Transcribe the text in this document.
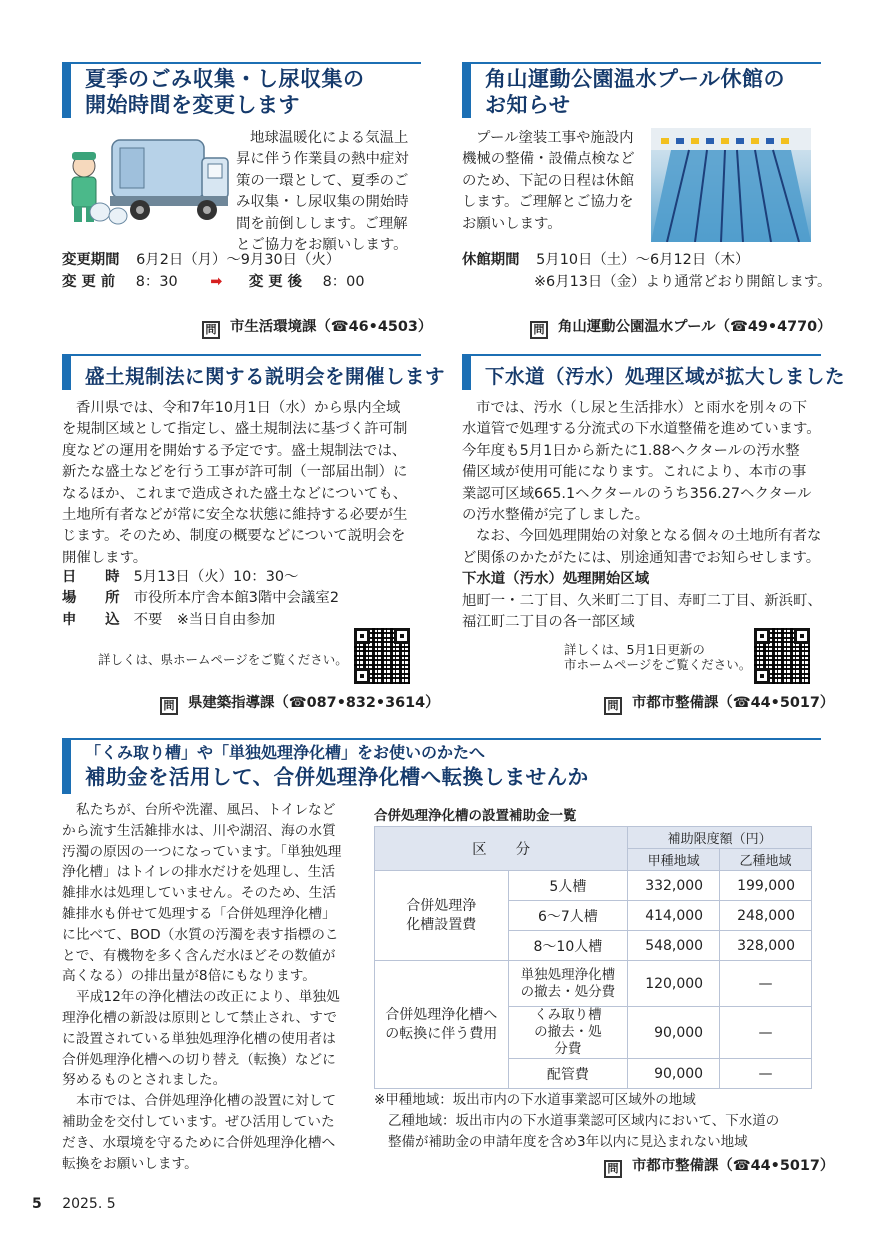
夏季のごみ収集・し尿収集の
開始時間を変更します
地球温暖化による気温上
昇に伴う作業員の熱中症対
策の一環として、夏季のご
み収集・し尿収集の開始時
間を前倒しします。ご理解
とご協力をお願いします。
変更期間 6月2日（月）～9月30日（火）
変 更 前 8：30 ➡ 変 更 後 8：00
問 市生活環境課（☎46•4503）
角山運動公園温水プール休館の
お知らせ
プール塗装工事や施設内
機械の整備・設備点検など
のため、下記の日程は休館
します。ご理解とご協力を
お願いします。
休館期間 5月10日（土）～6月12日（木）
※6月13日（金）より通常どおり開館します。
問 角山運動公園温水プール（☎49•4770）
盛土規制法に関する説明会を開催します
香川県では、令和7年10月1日（水）から県内全域
を規制区域として指定し、盛土規制法に基づく許可制
度などの運用を開始する予定です。盛土規制法では、
新たな盛土などを行う工事が許可制（一部届出制）に
なるほか、これまで造成された盛土などについても、
土地所有者などが常に安全な状態に維持する必要が生
じます。そのため、制度の概要などについて説明会を
開催します。
日　　時 5月13日（火）10：30～
場　　所 市役所本庁舎本館3階中会議室2
申　　込 不要　※当日自由参加
詳しくは、県ホームページをご覧ください。
問 県建築指導課（☎087•832•3614）
下水道（汚水）処理区域が拡大しました
市では、汚水（し尿と生活排水）と雨水を別々の下
水道管で処理する分流式の下水道整備を進めています。
今年度も5月1日から新たに1.88ヘクタールの汚水整
備区域が使用可能になります。これにより、本市の事
業認可区域665.1ヘクタールのうち356.27ヘクタール
の汚水整備が完了しました。
なお、今回処理開始の対象となる個々の土地所有者な
ど関係のかたがたには、別途通知書でお知らせします。
下水道（汚水）処理開始区域
旭町一・二丁目、久米町二丁目、寿町二丁目、新浜町、
福江町二丁目の各一部区域
詳しくは、5月1日更新の
市ホームページをご覧ください。
問 市都市整備課（☎44•5017）
「くみ取り槽」や「単独処理浄化槽」をお使いのかたへ
補助金を活用して、合併処理浄化槽へ転換しませんか
私たちが、台所や洗濯、風呂、トイレなど
から流す生活雑排水は、川や湖沼、海の水質
汚濁の原因の一つになっています。「単独処理
浄化槽」はトイレの排水だけを処理し、生活
雑排水は処理していません。そのため、生活
雑排水も併せて処理する「合併処理浄化槽」
に比べて、BOD（水質の汚濁を表す指標のこ
とで、有機物を多く含んだ水ほどその数値が
高くなる）の排出量が8倍にもなります。
平成12年の浄化槽法の改正により、単独処
理浄化槽の新設は原則として禁止され、すで
に設置されている単独処理浄化槽の使用者は
合併処理浄化槽への切り替え（転換）などに
努めるものとされました。
本市では、合併処理浄化槽の設置に対して
補助金を交付しています。ぜひ活用していた
だき、水環境を守るために合併処理浄化槽へ
転換をお願いします。
合併処理浄化槽の設置補助金一覧
区　　分		補助限度額（円）	
		甲種地域	乙種地域
合併処理浄化槽設置費	5人槽	332,000	199,000
	6～7人槽	414,000	248,000
	8～10人槽	548,000	328,000
合併処理浄化槽への転換に伴う費用	単独処理浄化槽の撤去・処分費	120,000	—
	くみ取り槽の撤去・処分費	90,000	—
	配管費	90,000	—
※甲種地域：坂出市内の下水道事業認可区域外の地域
乙種地域：坂出市内の下水道事業認可区域内において、下水道の
整備が補助金の申請年度を含め3年以内に見込まれない地域
問 市都市整備課（☎44•5017）
5 2025. 5
